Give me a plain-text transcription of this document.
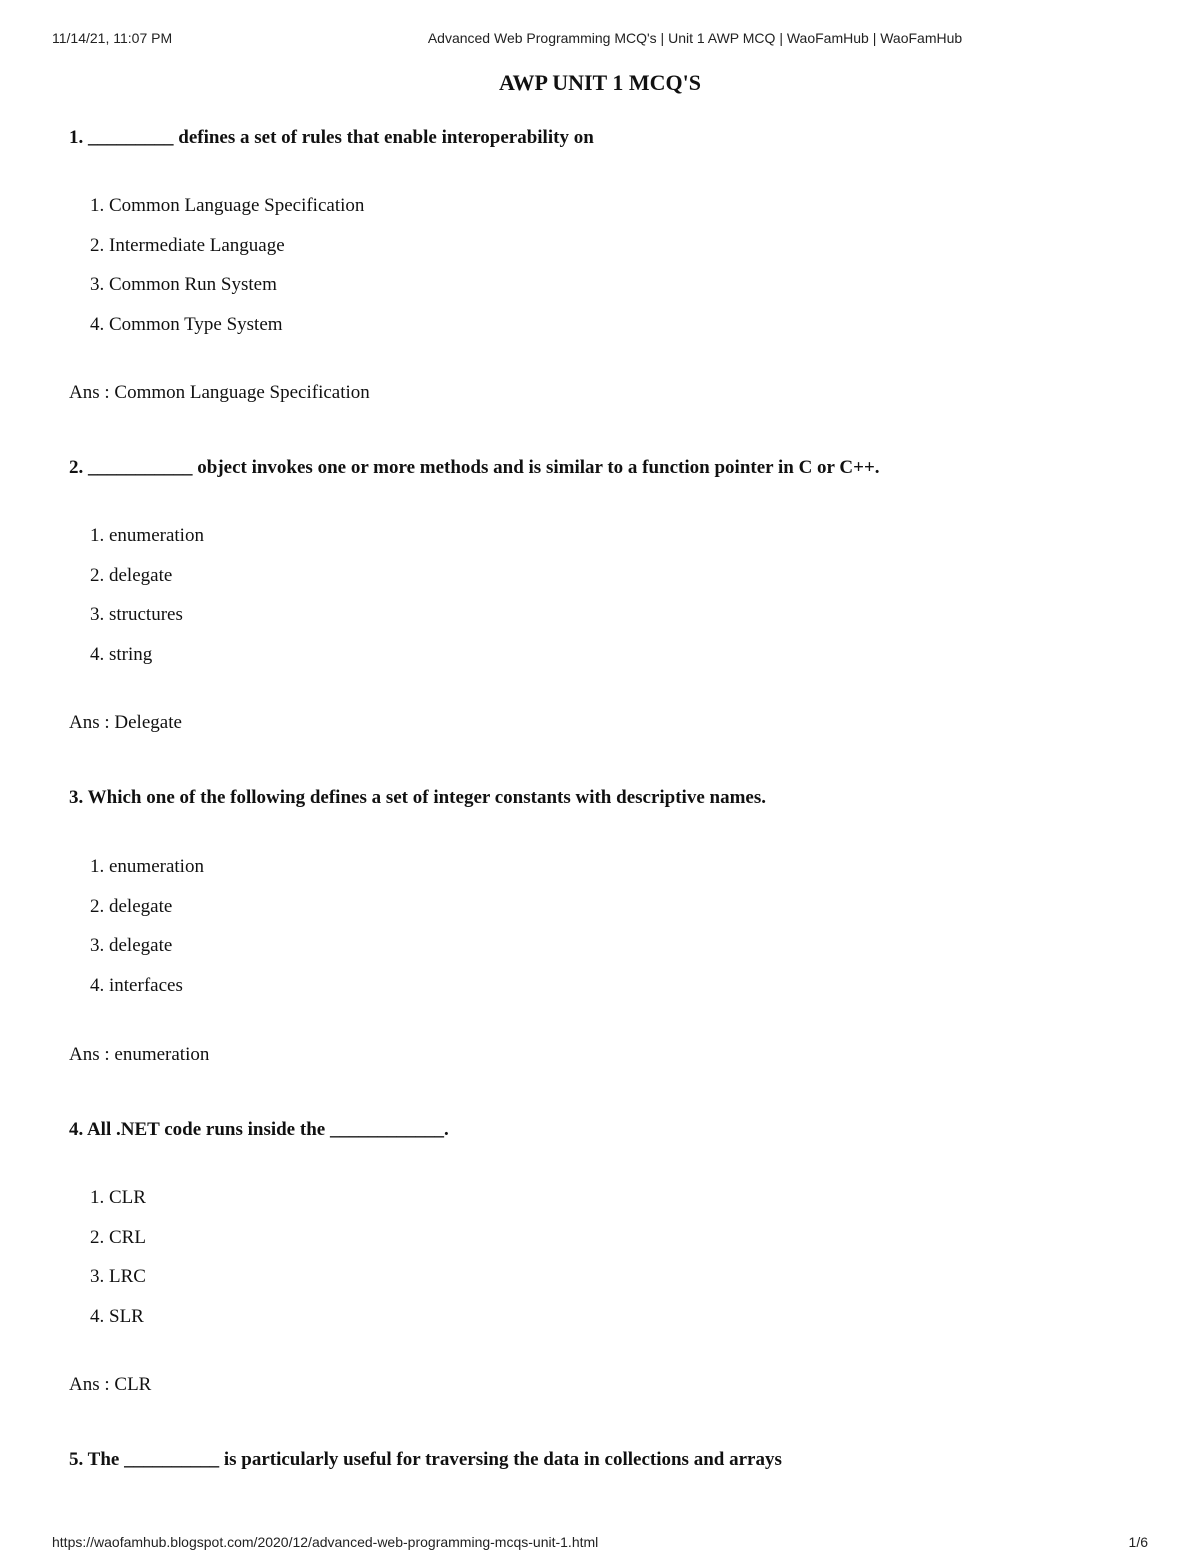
11/14/21, 11:07 PM	Advanced Web Programming MCQ's | Unit 1 AWP MCQ | WaoFamHub | WaoFamHub
AWP UNIT 1 MCQ'S

1. _________ defines a set of rules that enable interoperability on

1. Common Language Specification
2. Intermediate Language
3. Common Run System
4. Common Type System
Ans : Common Language Specification

2. ___________ object invokes one or more methods and is similar to a function pointer in C or C++.

1. enumeration
2. delegate
3. structures
4. string
Ans : Delegate

3. Which one of the following defines a set of integer constants with descriptive names.

1. enumeration
2. delegate
3. delegate
4. interfaces
Ans : enumeration

4. All .NET code runs inside the ____________.

1. CLR
2. CRL
3. LRC
4. SLR
Ans : CLR

5. The __________ is particularly useful for traversing the data in collections and arrays

https://waofamhub.blogspot.com/2020/12/advanced-web-programming-mcqs-unit-1.html	1/6
